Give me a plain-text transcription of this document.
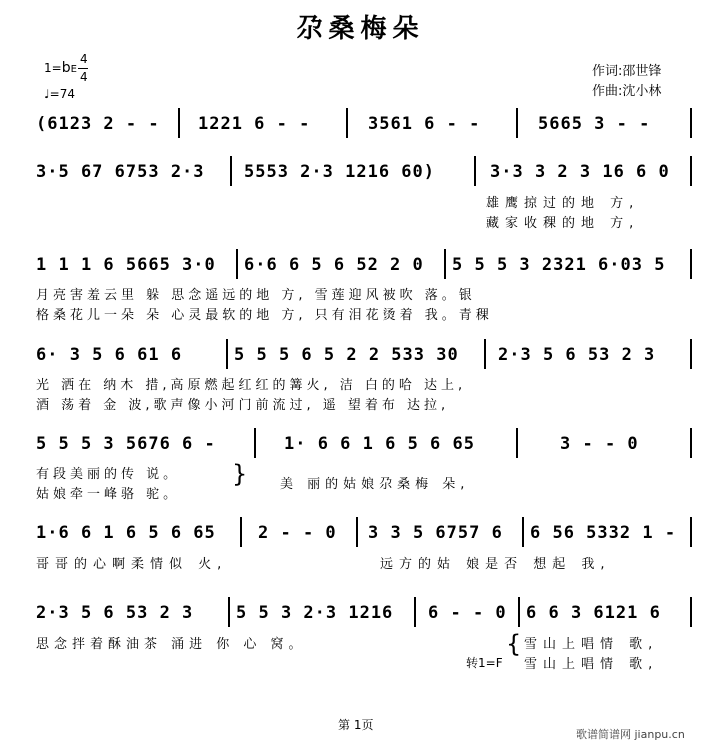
尕桑梅朵
1=bE
4
4
♩=74
作词:邵世锋
作曲:沈小林
(6123 2 - - 1221 6 - -	3561 6 - -	5665 3 - -
3·5 67 6753 2·3 5553 2·3 1216 60)	3·3 3 2 3 16 6 0
雄鹰掠过的地 方,
藏家收稞的地 方,
1 1 1 6 5665 3·0 6·6 6 5 6 52 2 0 5 5 5 3 2321 6·03 5
月亮害羞云里 躲 思念遥远的地 方, 雪莲迎风被吹 落。银
格桑花儿一朵 朵 心灵最软的地 方, 只有泪花烫着 我。青稞
6· 3 5 6 61 6	5 5 5 6 5 2 2 533 30 2·3 5 6 53 2 3
光 洒在 纳木 措,高原燃起红红的篝火, 洁 白的哈 达上,
酒 荡着 金 波,歌声像小河门前流过, 遥 望着布 达拉,
5 5 5 3 5676 6 -	1· 6 6 1 6 5 6 65	3 - - 0
有段美丽的传 说。
姑娘牵一峰骆 驼。
}	美 丽的姑娘尕桑梅 朵,
1·6 6 1 6 5 6 65 2 - - 0 3 3 5 6757 6 6 56 5332 1 -
哥哥的心啊柔情似 火,	远方的姑 娘是否 想起 我,
2·3 5 6 53 2 3	5 5 3 2·3 1216 6 - - 0 6 6 3 6121 6
思念拌着酥油茶 涌进 你 心 窝。	{ 雪山上唱情 歌,
雪山上唱情 歌,
转1=F
第 1页
歌谱简谱网 jianpu.cn
